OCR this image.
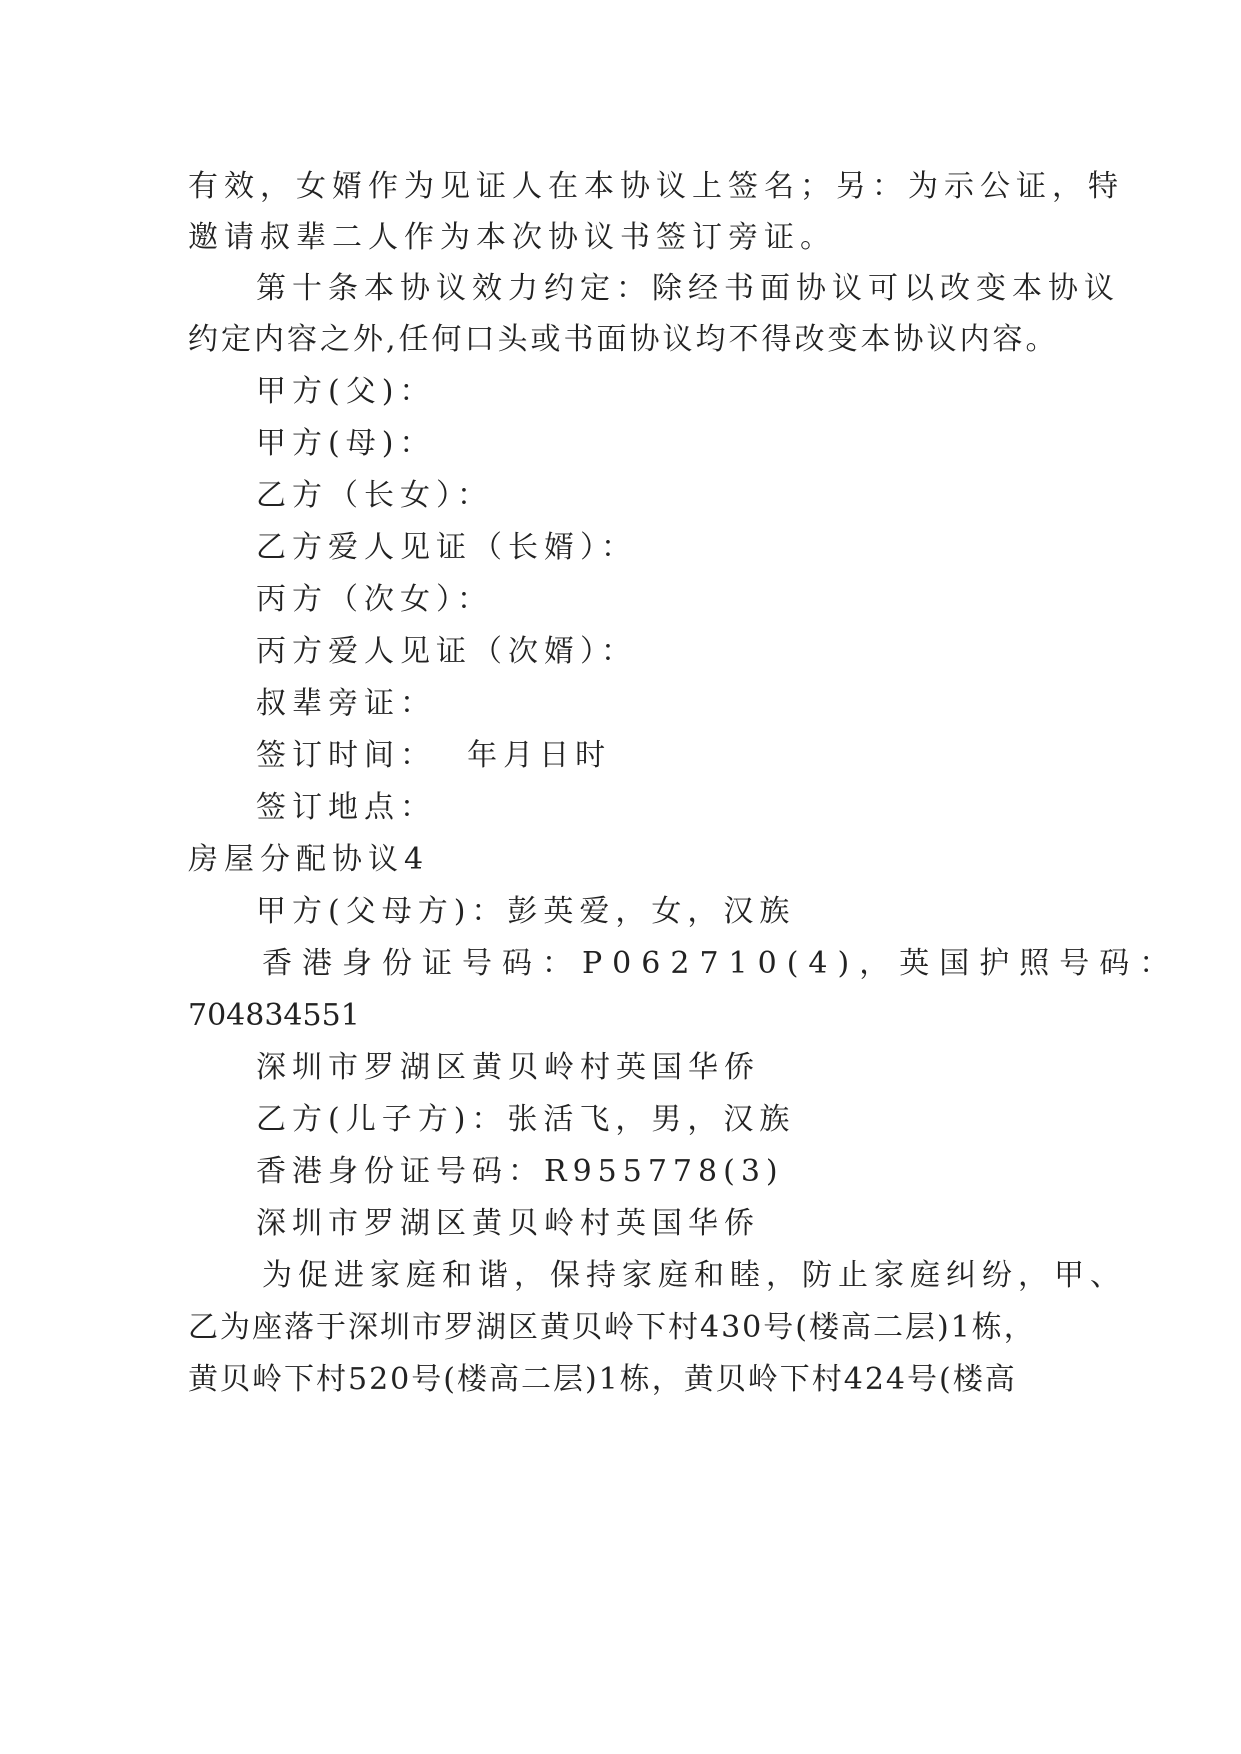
有效，女婿作为见证人在本协议上签名；另：为示公证，特
邀请叔辈二人作为本次协议书签订旁证。
第十条本协议效力约定：除经书面协议可以改变本协议
约定内容之外,任何口头或书面协议均不得改变本协议内容。
甲方(父)：
甲方(母)：
乙方（长女）：
乙方爱人见证（长婿）：
丙方（次女）：
丙方爱人见证（次婿）：
叔辈旁证：
签订时间：  年月日时
签订地点：
房屋分配协议4
甲方(父母方)：彭英爱，女，汉族
香港身份证号码：P062710(4)，英国护照号码：
704834551
深圳市罗湖区黄贝岭村英国华侨
乙方(儿子方)：张活飞，男，汉族
香港身份证号码：R955778(3)
深圳市罗湖区黄贝岭村英国华侨
为促进家庭和谐，保持家庭和睦，防止家庭纠纷，甲、
乙为座落于深圳市罗湖区黄贝岭下村430号(楼高二层)1栋，
黄贝岭下村520号(楼高二层)1栋，黄贝岭下村424号(楼高
